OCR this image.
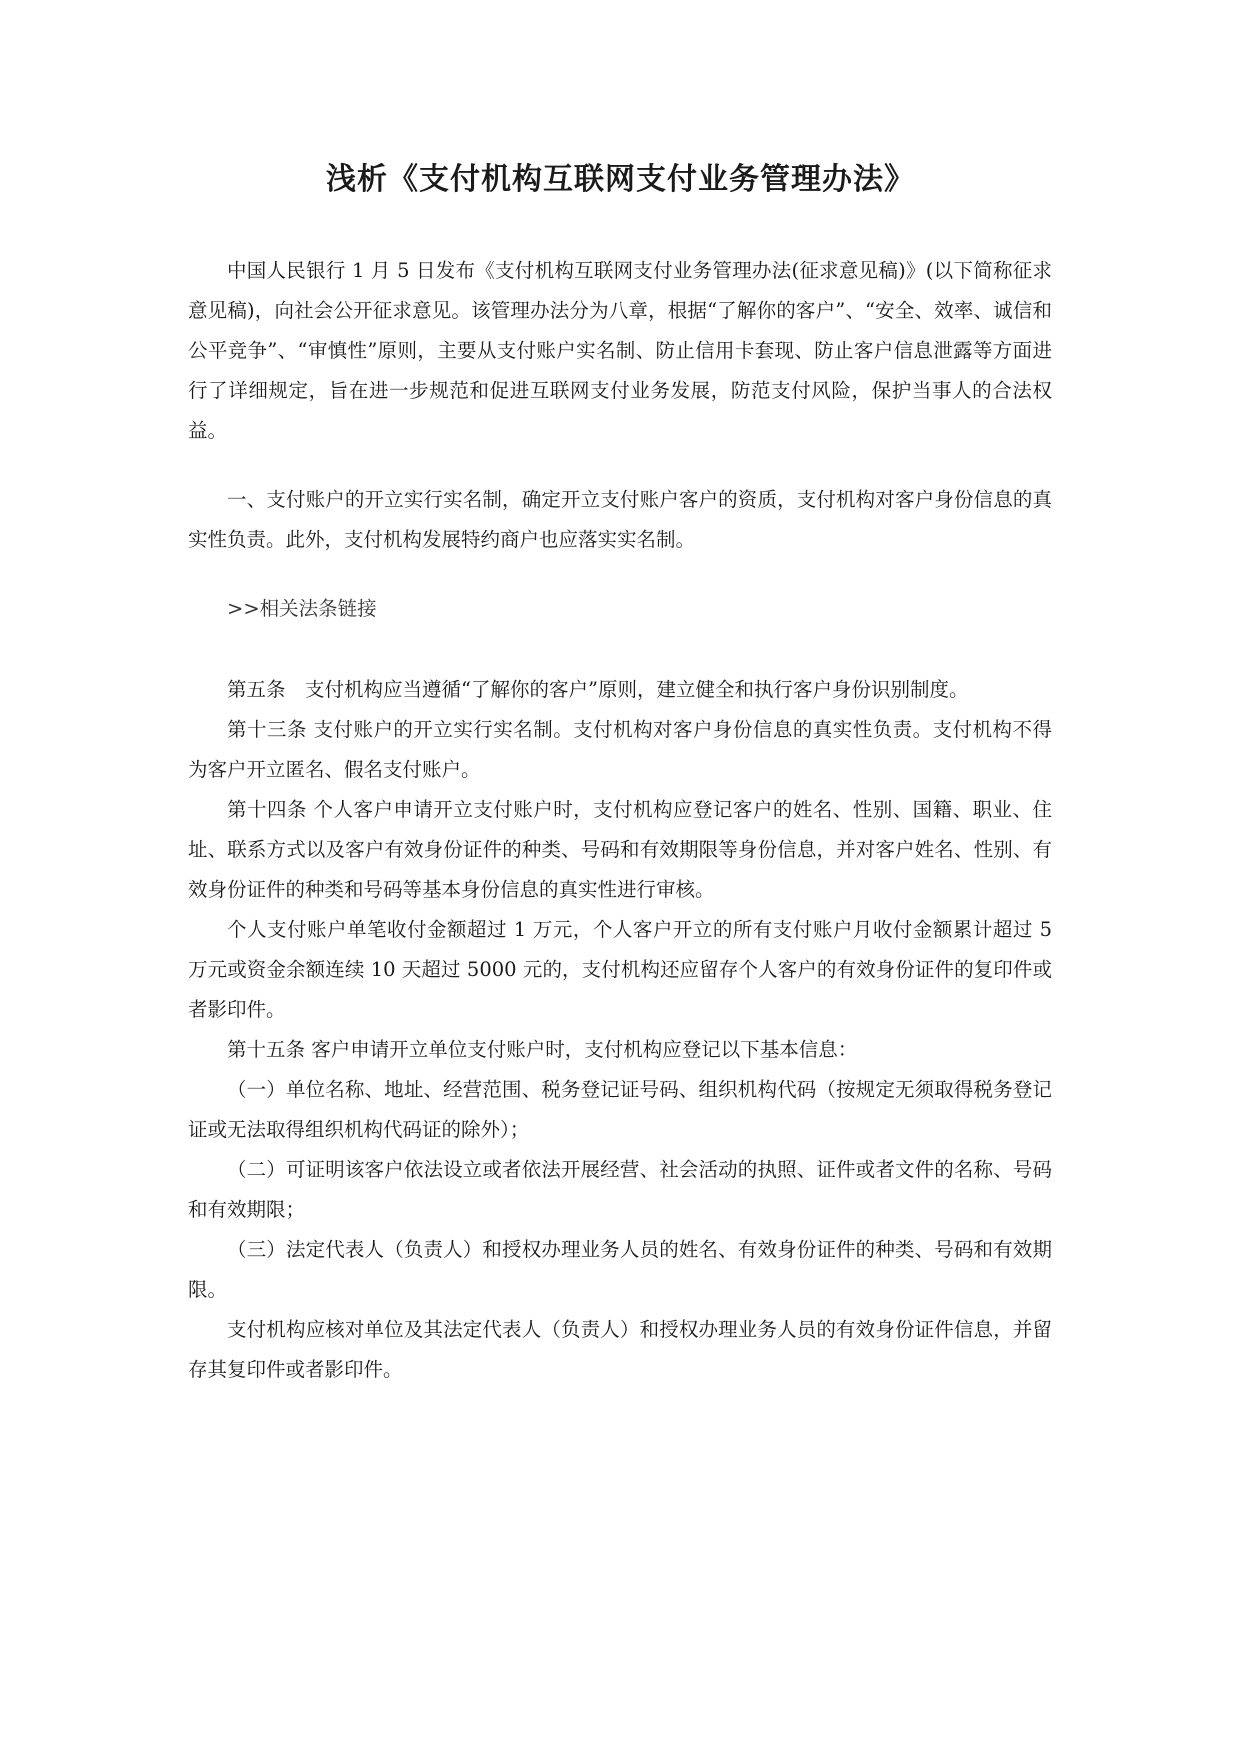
浅析《支付机构互联网支付业务管理办法》

中国人民银行 1 月 5 日发布《支付机构互联网支付业务管理办法(征求意见稿)》(以下简称征求意见稿)，向社会公开征求意见。该管理办法分为八章，根据“了解你的客户”、“安全、效率、诚信和公平竞争”、“审慎性”原则，主要从支付账户实名制、防止信用卡套现、防止客户信息泄露等方面进行了详细规定，旨在进一步规范和促进互联网支付业务发展，防范支付风险，保护当事人的合法权益。

一、支付账户的开立实行实名制，确定开立支付账户客户的资质，支付机构对客户身份信息的真实性负责。此外，支付机构发展特约商户也应落实实名制。

>>相关法条链接

第五条　支付机构应当遵循“了解你的客户”原则，建立健全和执行客户身份识别制度。

第十三条 支付账户的开立实行实名制。支付机构对客户身份信息的真实性负责。支付机构不得为客户开立匿名、假名支付账户。

第十四条 个人客户申请开立支付账户时，支付机构应登记客户的姓名、性别、国籍、职业、住址、联系方式以及客户有效身份证件的种类、号码和有效期限等身份信息，并对客户姓名、性别、有效身份证件的种类和号码等基本身份信息的真实性进行审核。

个人支付账户单笔收付金额超过 1 万元，个人客户开立的所有支付账户月收付金额累计超过 5 万元或资金余额连续 10 天超过 5000 元的，支付机构还应留存个人客户的有效身份证件的复印件或者影印件。

第十五条 客户申请开立单位支付账户时，支付机构应登记以下基本信息：

（一）单位名称、地址、经营范围、税务登记证号码、组织机构代码（按规定无须取得税务登记证或无法取得组织机构代码证的除外）；

（二）可证明该客户依法设立或者依法开展经营、社会活动的执照、证件或者文件的名称、号码和有效期限；

（三）法定代表人（负责人）和授权办理业务人员的姓名、有效身份证件的种类、号码和有效期限。

支付机构应核对单位及其法定代表人（负责人）和授权办理业务人员的有效身份证件信息，并留存其复印件或者影印件。
